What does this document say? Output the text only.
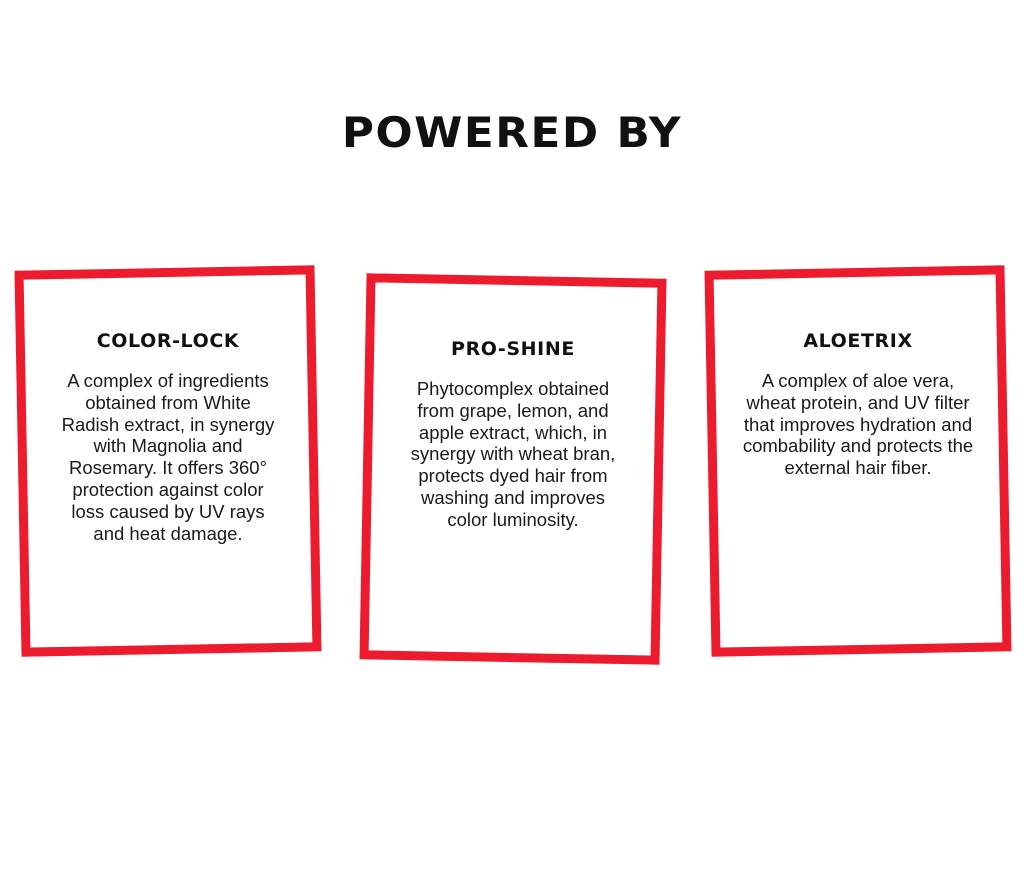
POWERED BY
COLOR-LOCK
A complex of ingredients obtained from White Radish extract, in synergy with Magnolia and Rosemary. It offers 360° protection against color loss caused by UV rays and heat damage.
PRO-SHINE
Phytocomplex obtained from grape, lemon, and apple extract, which, in synergy with wheat bran, protects dyed hair from washing and improves color luminosity.
ALOETRIX
A complex of aloe vera, wheat protein, and UV filter that improves hydration and combability and protects the external hair fiber.
